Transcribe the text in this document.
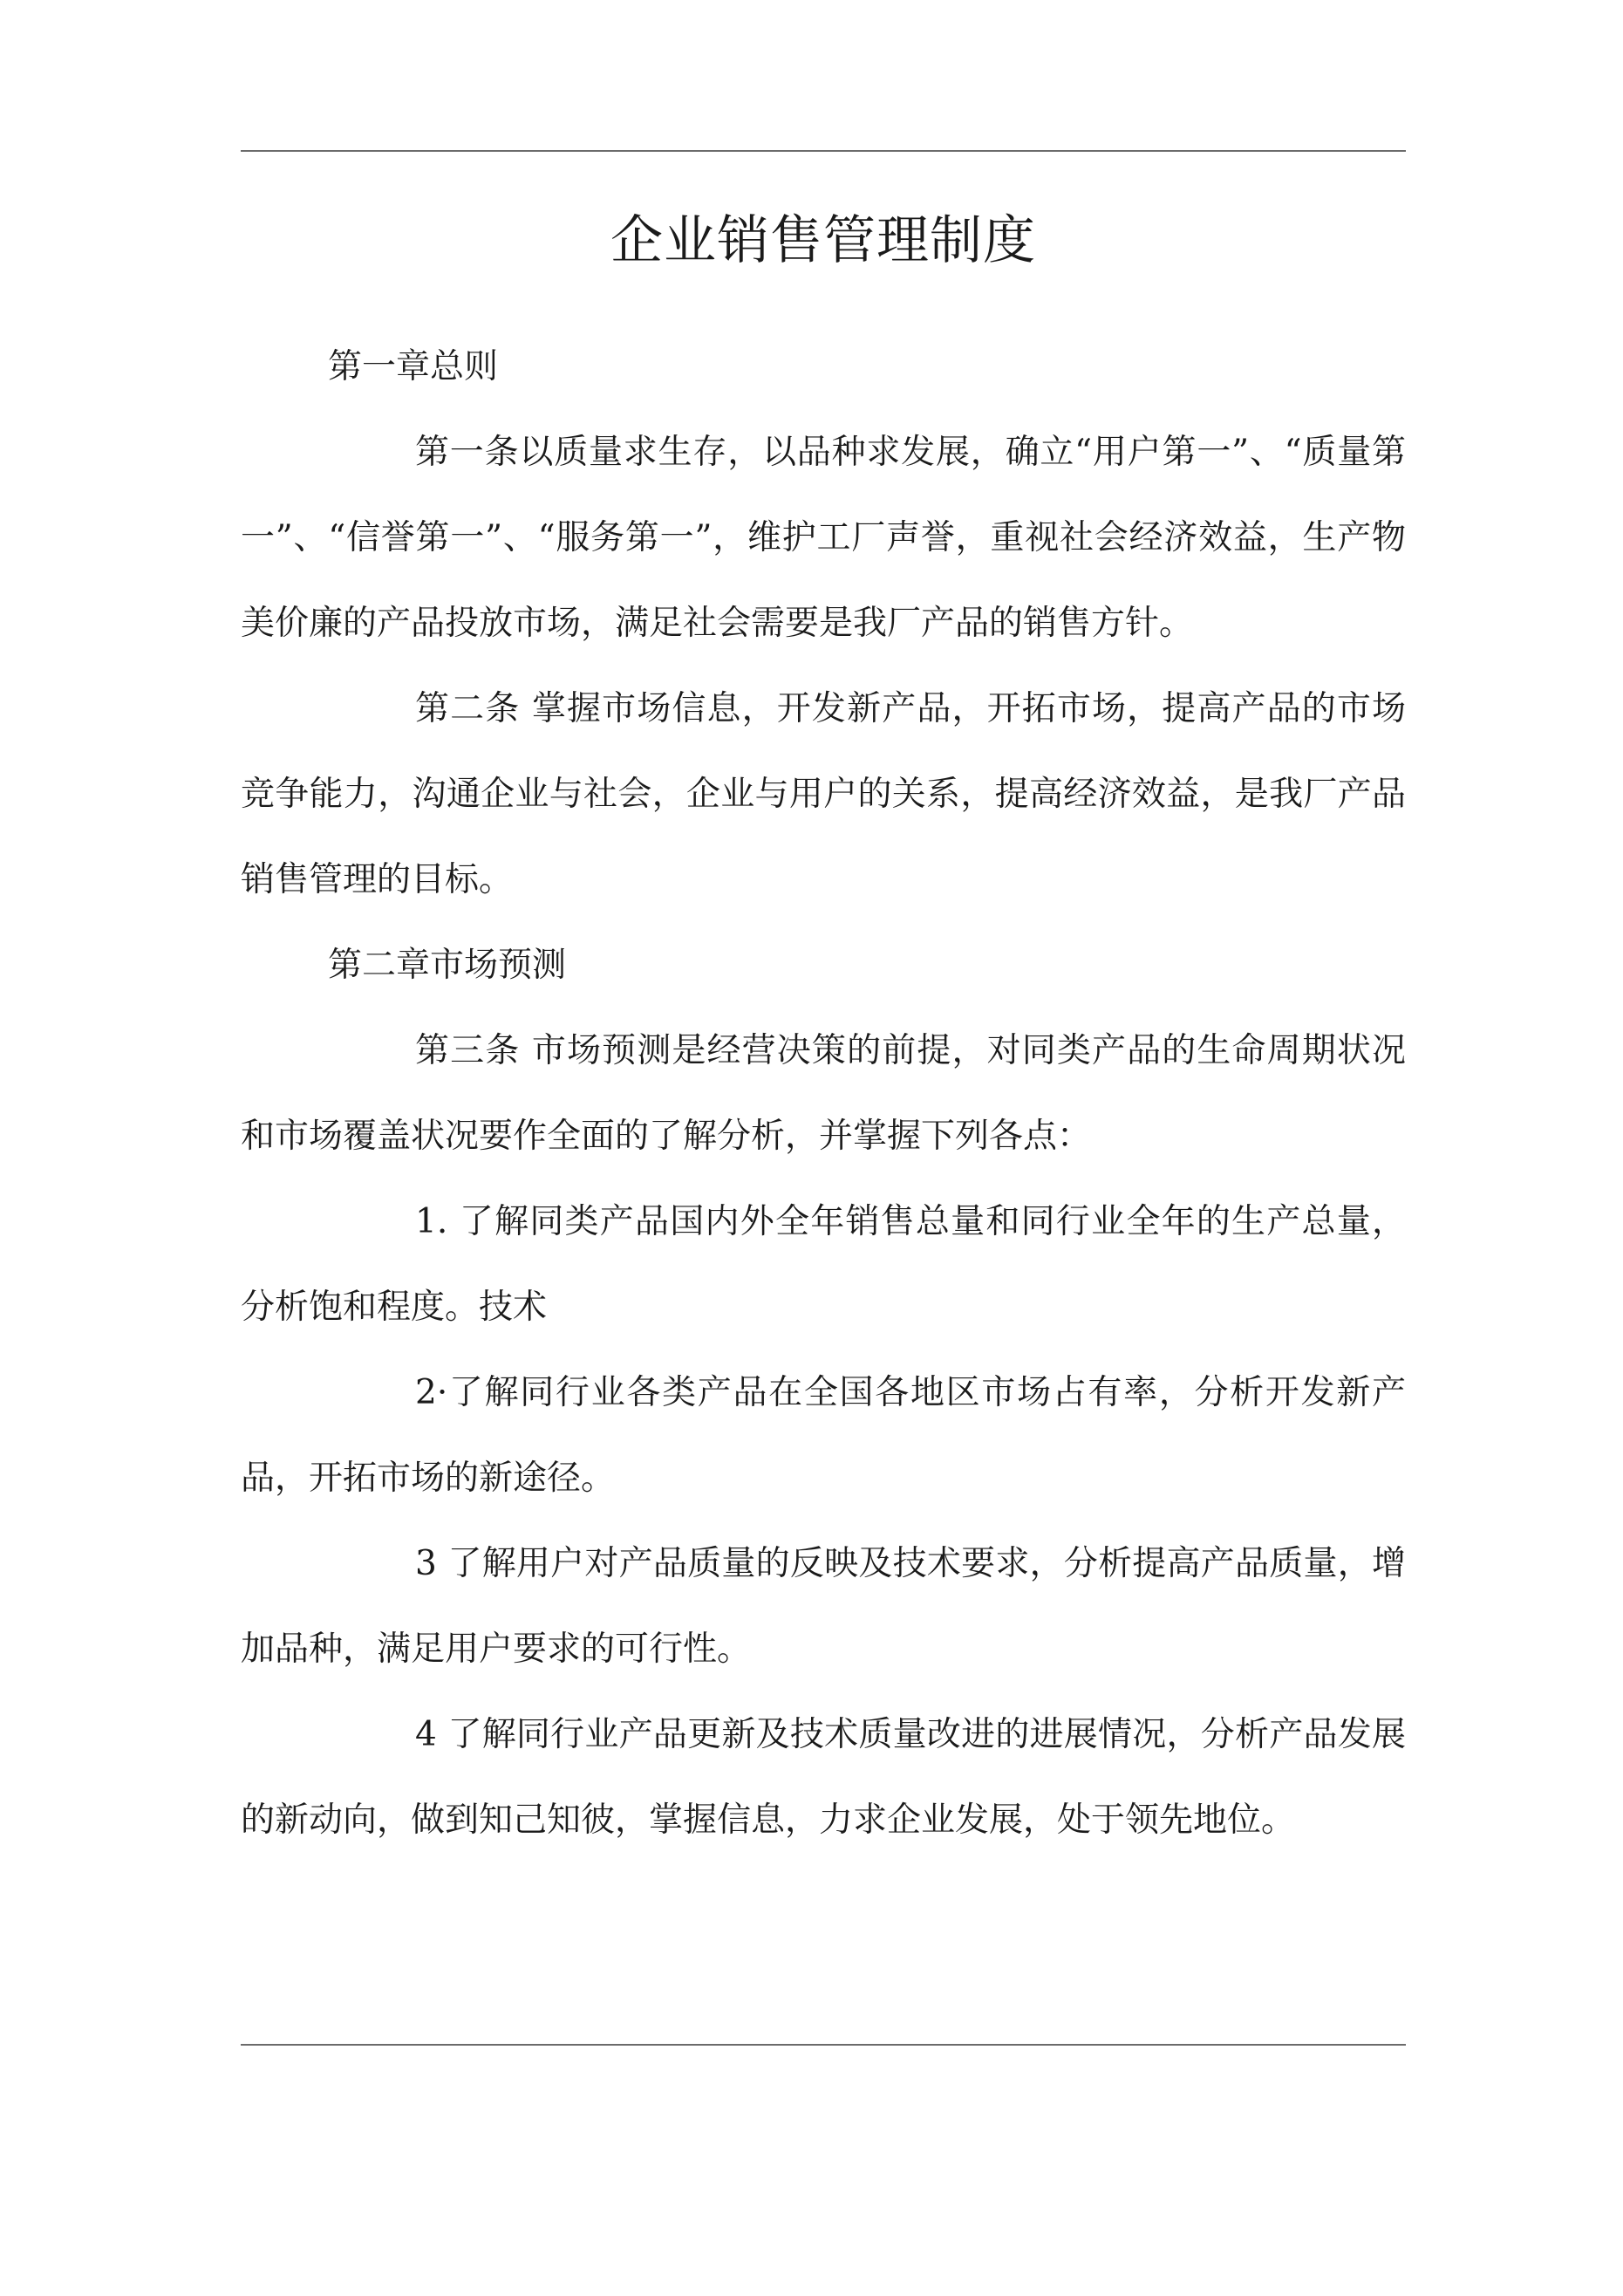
企业销售管理制度

第一章总则

第一条以质量求生存，以品种求发展，确立“用户第一”、“质量第一”、“信誉第一”、“服务第一”，维护工厂声誉，重视社会经济效益，生产物美价廉的产品投放市场，满足社会需要是我厂产品的销售方针。

第二条 掌握市场信息，开发新产品，开拓市场，提高产品的市场竞争能力，沟通企业与社会，企业与用户的关系，提高经济效益，是我厂产品销售管理的目标。

第二章市场预测

第三条 市场预测是经营决策的前提，对同类产品的生命周期状况和市场覆盖状况要作全面的了解分析，并掌握下列各点：

1. 了解同类产品国内外全年销售总量和同行业全年的生产总量，分析饱和程度。技术

2·了解同行业各类产品在全国各地区市场占有率，分析开发新产品，开拓市场的新途径。

3 了解用户对产品质量的反映及技术要求，分析提高产品质量，增加品种，满足用户要求的可行性。

4 了解同行业产品更新及技术质量改进的进展情况，分析产品发展的新动向，做到知己知彼，掌握信息，力求企业发展，处于领先地位。
